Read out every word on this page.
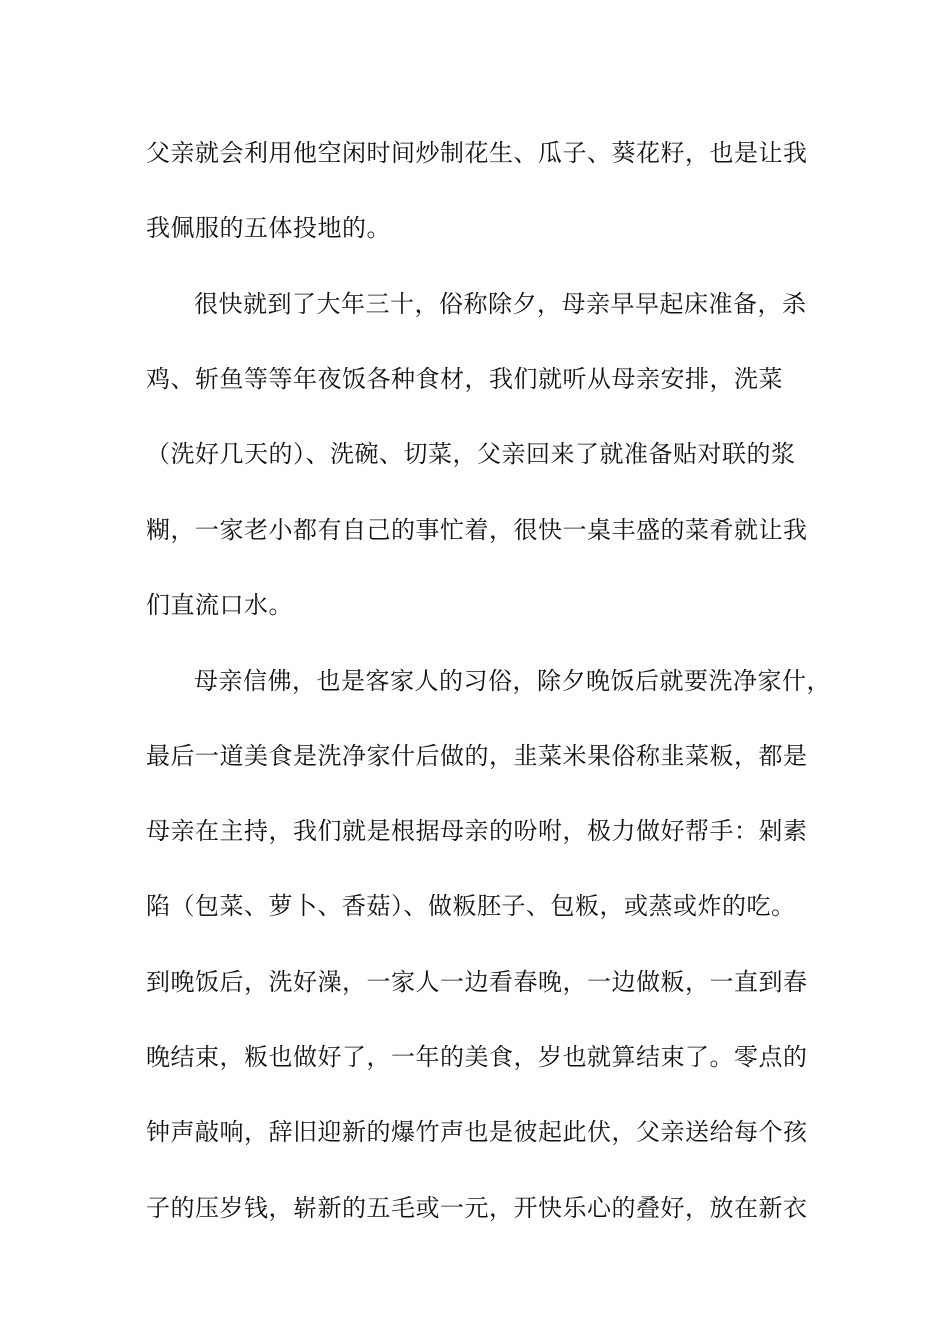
父亲就会利用他空闲时间炒制花生、瓜子、葵花籽，也是让我
我佩服的五体投地的。
很快就到了大年三十，俗称除夕，母亲早早起床准备，杀
鸡、斩鱼等等年夜饭各种食材，我们就听从母亲安排，洗菜
（洗好几天的）、洗碗、切菜，父亲回来了就准备贴对联的浆
糊，一家老小都有自己的事忙着，很快一桌丰盛的菜肴就让我
们直流口水。
母亲信佛，也是客家人的习俗，除夕晚饭后就要洗净家什，
最后一道美食是洗净家什后做的，韭菜米果俗称韭菜粄，都是
母亲在主持，我们就是根据母亲的吩咐，极力做好帮手：剁素
陷（包菜、萝卜、香菇）、做粄胚子、包粄，或蒸或炸的吃。
到晚饭后，洗好澡，一家人一边看春晚，一边做粄，一直到春
晚结束，粄也做好了，一年的美食，岁也就算结束了。零点的
钟声敲响，辞旧迎新的爆竹声也是彼起此伏，父亲送给每个孩
子的压岁钱，崭新的五毛或一元，开快乐心的叠好，放在新衣
